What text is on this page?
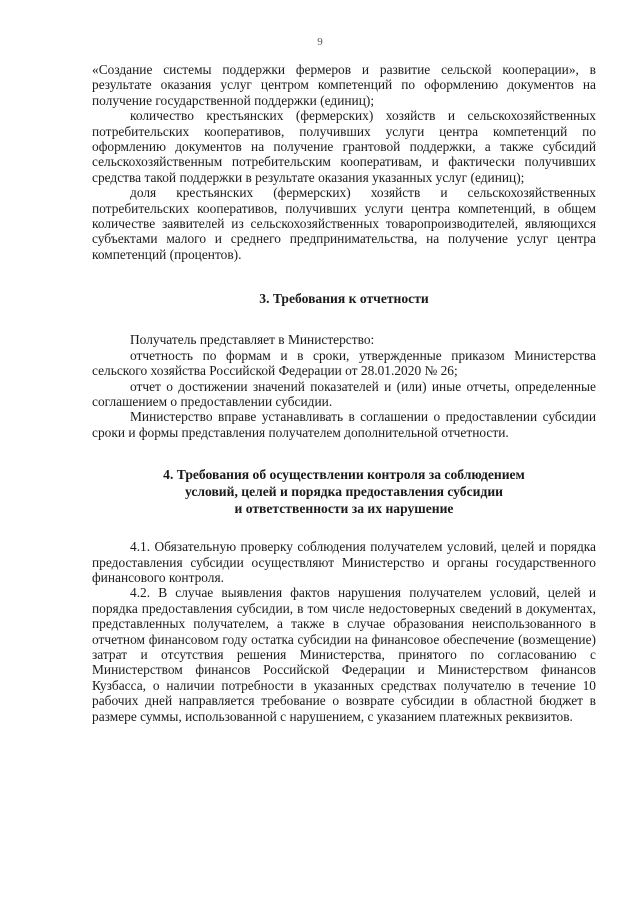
9

«Создание системы поддержки фермеров и развитие сельской кооперации», в результате оказания услуг центром компетенций по оформлению документов на получение государственной поддержки (единиц);

количество крестьянских (фермерских) хозяйств и сельскохозяйственных потребительских кооперативов, получивших услуги центра компетенций по оформлению документов на получение грантовой поддержки, а также субсидий сельскохозяйственным потребительским кооперативам, и фактически получивших средства такой поддержки в результате оказания указанных услуг (единиц);

доля крестьянских (фермерских) хозяйств и сельскохозяйственных потребительских кооперативов, получивших услуги центра компетенций, в общем количестве заявителей из сельскохозяйственных товаропроизводителей, являющихся субъектами малого и среднего предпринимательства, на получение услуг центра компетенций (процентов).

3. Требования к отчетности

Получатель представляет в Министерство:

отчетность по формам и в сроки, утвержденные приказом Министерства сельского хозяйства Российской Федерации от 28.01.2020 № 26;

отчет о достижении значений показателей и (или) иные отчеты, определенные соглашением о предоставлении субсидии.

Министерство вправе устанавливать в соглашении о предоставлении субсидии сроки и формы представления получателем дополнительной отчетности.

4. Требования об осуществлении контроля за соблюдением
условий, целей и порядка предоставления субсидии
и ответственности за их нарушение

4.1. Обязательную проверку соблюдения получателем условий, целей и порядка предоставления субсидии осуществляют Министерство и органы государственного финансового контроля.

4.2. В случае выявления фактов нарушения получателем условий, целей и порядка предоставления субсидии, в том числе недостоверных сведений в документах, представленных получателем, а также в случае образования неиспользованного в отчетном финансовом году остатка субсидии на финансовое обеспечение (возмещение) затрат и отсутствия решения Министерства, принятого по согласованию с Министерством финансов Российской Федерации и Министерством финансов Кузбасса, о наличии потребности в указанных средствах получателю в течение 10 рабочих дней направляется требование о возврате субсидии в областной бюджет в размере суммы, использованной с нарушением, с указанием платежных реквизитов.
